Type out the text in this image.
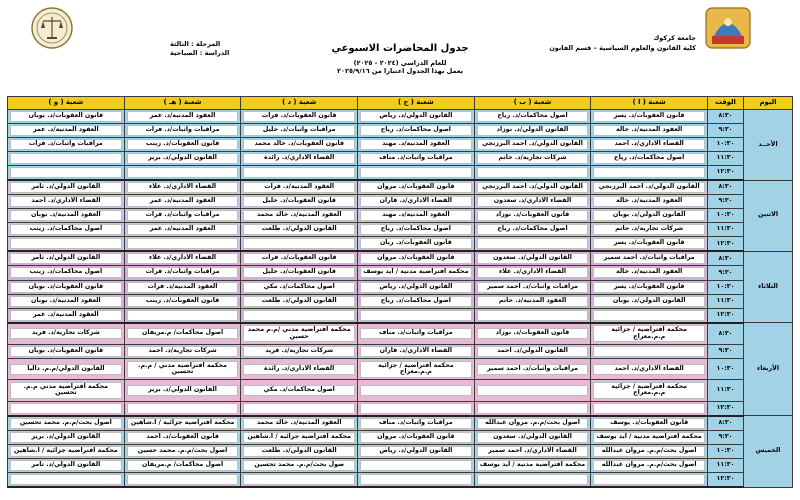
جامعة كركوك
كلية القانون والعلوم السياسية – قسم القانون
المرحلة : الثالثة
الدراسة : الصباحية	جدول المحاضرات الاسبوعي
للعام الدراسي (٢٠٢٤ - ٢٠٢٥)
يعمل بهذا الجدول اعتبارا من ٢٠٢٥/٩/١٦
اليوم	الوقت	شعبة ( ا )	شعبة ( ب )	شعبة ( ج )	شعبة ( د )	شعبة ( هـ )	شعبة ( و )
الأحــد	٨:٣٠	قانون العقوبات/د. يسر	اصول محاكمات/د. رياح	القانون الدولي/د. رياض	قانون العقوبات/د. فرات	العقود المدنية/د. عمر	قانون العقوبات/د. بوبان

	٩:٣٠	العقود المدنية/د. خالة	القانون الدولي/د. نوزاد	اصول محاكمات/د. رياح	مراقبات واثبات/د. خليل	مراقبات واثبات/د. فرات	العقود المدنية/د. عمر

	١٠:٣٠	القضاء الاداري/د. احمد	القانون الدولي/د. احمد البرزنجي	العقود المدنية/د. مهند	قانون العقوبات/د. خالد محمد	قانون العقوبات/د. زينب	مراقبات واثبات/د. فرات

	١١:٣٠	اصول محاكمات/د. رياح	شركات تجارية/د. حاتم	مراقبات واثبات/د. مناف	القضاء الاداري/د. رائدة	القانون الدولي/د. بريز	

	١٢:٣٠	

الاثنين	٨:٣٠	القانون الدولي/د. احمد البرزنجي	القانون الدولي/د. احمد البرزنجي	قانون العقوبات/د. مروان	العقود المدنية/د. فرات	القضاء الاداري/د. علاء	القانون الدولي/د. ثامر

	٩:٣٠	العقود المدنية/د. خالة	القضاء الاداري/د. سعدون	القضاء الاداري/د. قاران	قانون العقوبات/د. خليل	العقود المدنية/د. عمر	القضاء الاداري/د. احمد

	١٠:٣٠	القانون الدولي/د. بوبان	قانون العقوبات/د. نوزاد	العقود المدنية/د. مهند	العقود المدنية/د. خالد محمد	مراقبات واثبات/د. فرات	العقود المدنية/د. بوبان

	١١:٣٠	شركات تجارية/د. حاتم	اصول محاكمات/د. رياح	اصول محاكمات/د. رياح	القانون الدولي/د. طلعت	العقود المدنية/د. عمر	اصول محاكمات/د. زينب

	١٢:٣٠	قانون العقوبات/د. يسر		قانون العقوبات/د. ريان			

الثلاثاء	٨:٣٠	مراقبات واثبات/د. احمد سمير	القانون الدولي/د. سعدون	قانون العقوبات/د. مروان	قانون العقوبات/د. فرات	القضاء الاداري/د. علاء	القانون الدولي/د. ثامر

	٩:٣٠	العقود المدنية/د. خالة	القضاء الاداري/د. علاء	محكمة افتراضية مدنية / ايد يوسف	قانون العقوبات/د. خليل	مراقبات واثبات/د. فرات	اصول محاكمات/د. زينب

	١٠:٣٠	قانون العقوبات/د. يسر	مراقبات واثبات/د. احمد سمير	القانون الدولي/د. رياض	اصول محاكمات/د. مكي	العقود المدنية/د. فرات	قانون العقوبات/د. بوبان

	١١:٣٠	القانون الدولي/د. بوبان	العقود المدنية/د. حاتم	اصول محاكمات/د. رياح	القانون الدولي/د. طلعت	قانون العقوبات/د. زينب	العقود المدنية/د. بوبان

	١٢:٣٠						العقود المدنية/د. عمر

الأربعاء	٨:٣٠	محكمة افتراضية / جزائية م.م.معراج	قانون العقوبات/د. نوزاد	مراقبات واثبات/د. مناف	محكمة افتراضية مدني /م.م محمد حسين	اصول محاكمات/ م.مريفان	شركات تجارية/د. فريد

	٩:٣٠		القانون الدولي/د. احمد	القضاء الاداري/د. قاران	شركات تجارية/د. فريد	شركات تجارية/د. احمد	قانون العقوبات/د. بوبان

	١٠:٣٠	القضاء الاداري/د. احمد	مراقبات واثبات/د. احمد سمير	محكمة افتراضية / جزائية م.م.معراج	القضاء الاداري/د. رائدة	محكمة افتراضية مدني / م.م. تحسين	القانون الدولي/م.م. داليا

	١١:٣٠	محكمة افتراضية / جزائية م.م.معراج			اصول محاكمات/د. مكي	القانون الدولي/د. بريز	محكمة افتراضية مدني م.م. تحسين

	١٢:٣٠	

الخميس	٨:٣٠	قانون العقوبات/د. يوسف	اصول بحث/م.م. مروان عبدالله	مراقبات واثبات/د. مناف	العقود المدنية/د. خالد محمد	محكمة افتراضية جزائية / ا.شاهين	اصول بحث/م.م. محمد تحسين

	٩:٣٠	محكمة افتراضية مدنية / ايد يوسف	القانون الدولي/د. سعدون	قانون العقوبات/د. مروان	محكمة افتراضية جزائية / ا.شاهين	قانون العقوبات/د. احمد	القانون الدولي/د. بريز

	١٠:٣٠	اصول بحث/م.م. مروان عبدالله	القضاء الاداري/د. احمد سمير	القانون الدولي/د. رياض	القانون الدولي/د. طلعت	اصول بحث/م.م. محمد حسين	محكمة افتراضية جزائية / ا.شاهين

	١١:٣٠	اصول بحث/م.م. مروان عبدالله	محكمة افتراضية مدنية / ايد يوسف		صول بحث/م.م. محمد تحسين	اصول محاكمات/ م.مريفان	القانون الدولي/د. ثامر

	١٢:٣٠	
